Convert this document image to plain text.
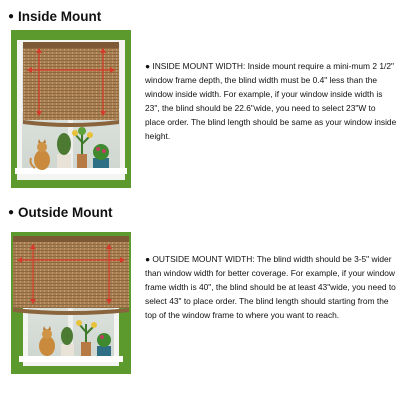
● Inside Mount
● INSIDE MOUNT WIDTH: Inside mount require a mini-mum 2 1/2" window frame depth, the blind width must be 0.4" less than the window inside width. For example, if your window inside width is 23", the blind should be 22.6"wide, you need to select 23"W to place order. The blind length should be same as your window inside height.
● Outside Mount
● OUTSIDE MOUNT WIDTH: The blind width should be 3-5" wider than window width for better coverage. For example, if your window frame width is 40", the blind should be at least 43"wide, you need to select 43" to place order. The blind length should starting from the top of the window frame to where you want to reach.
